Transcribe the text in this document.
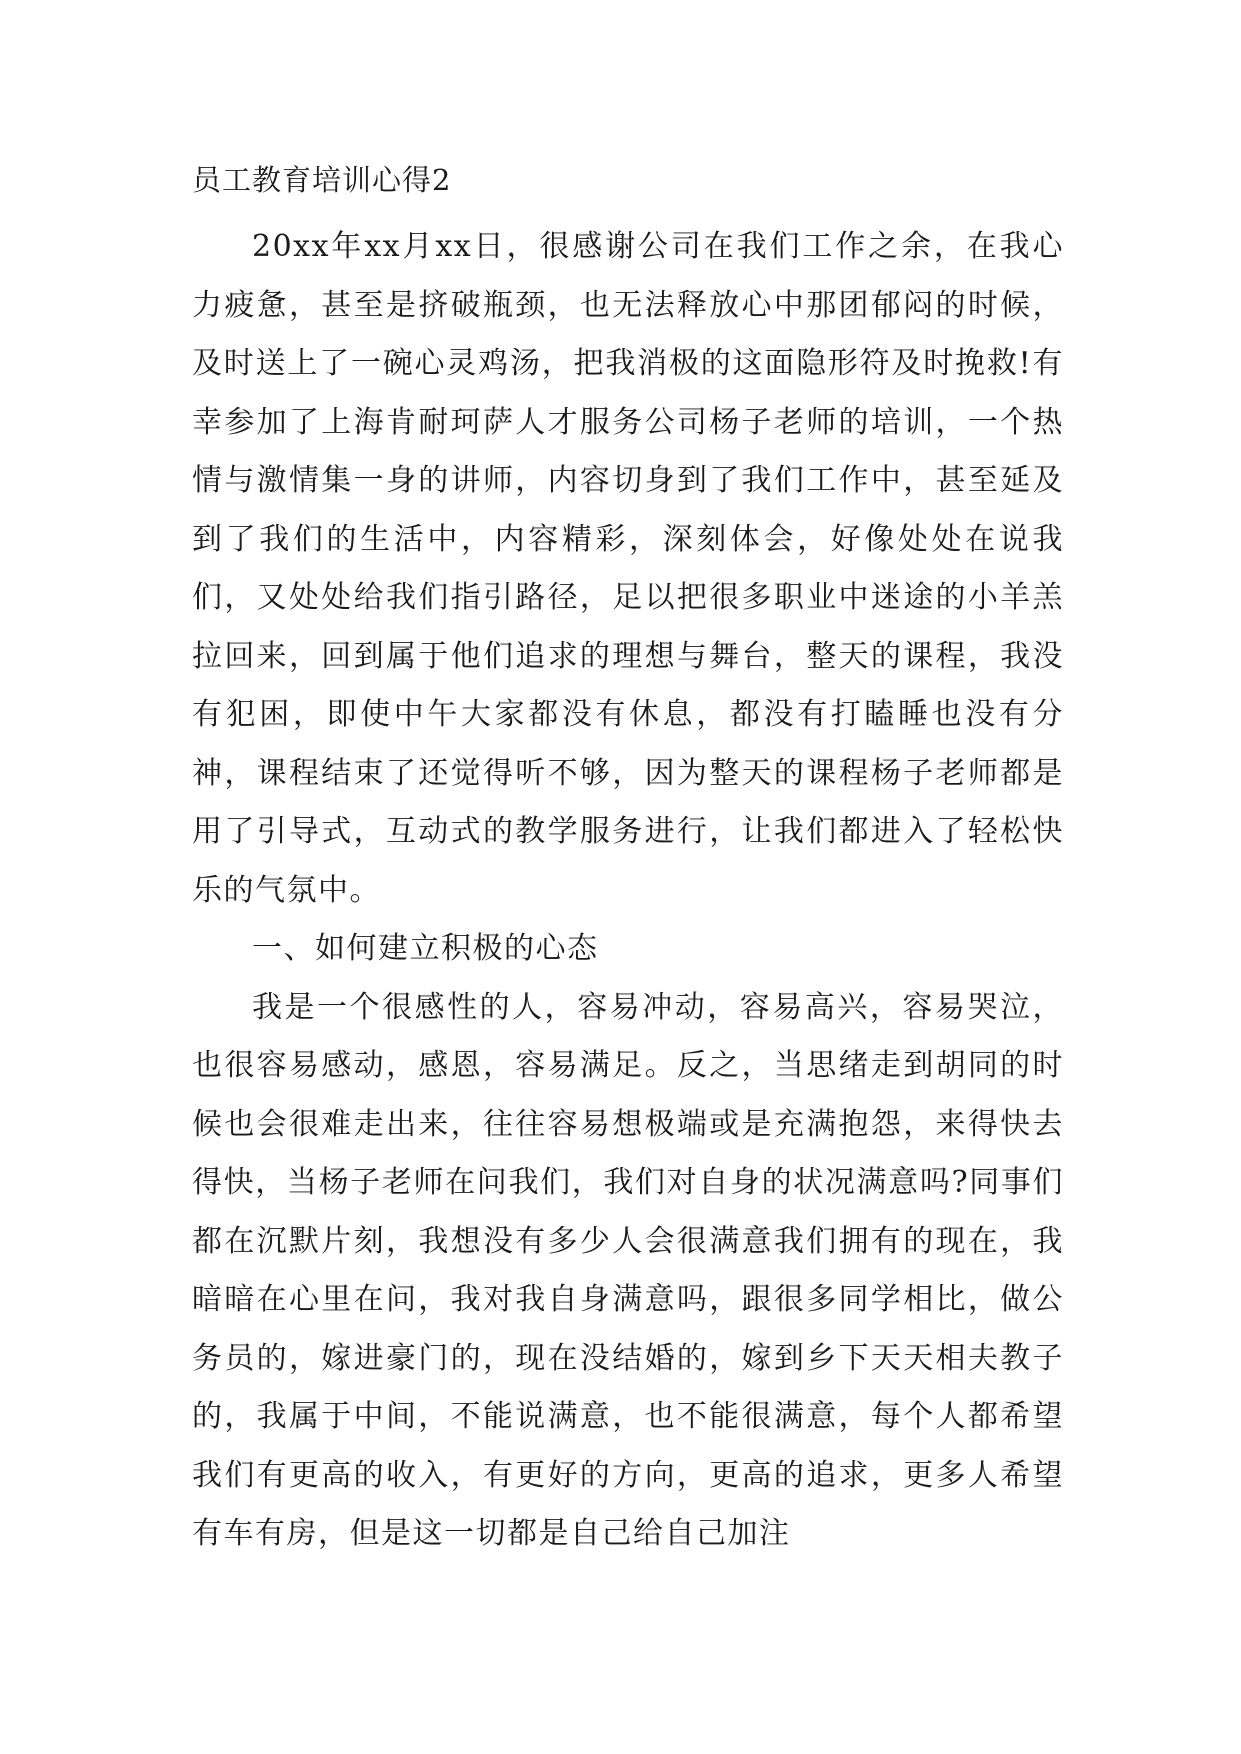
员工教育培训心得2

20xx年xx月xx日，很感谢公司在我们工作之余，在我心力疲惫，甚至是挤破瓶颈，也无法释放心中那团郁闷的时候，及时送上了一碗心灵鸡汤，把我消极的这面隐形符及时挽救!有幸参加了上海肯耐珂萨人才服务公司杨子老师的培训，一个热情与激情集一身的讲师，内容切身到了我们工作中，甚至延及到了我们的生活中，内容精彩，深刻体会，好像处处在说我们，又处处给我们指引路径，足以把很多职业中迷途的小羊羔拉回来，回到属于他们追求的理想与舞台，整天的课程，我没有犯困，即使中午大家都没有休息，都没有打瞌睡也没有分神，课程结束了还觉得听不够，因为整天的课程杨子老师都是用了引导式，互动式的教学服务进行，让我们都进入了轻松快乐的气氛中。

一、如何建立积极的心态

我是一个很感性的人，容易冲动，容易高兴，容易哭泣，也很容易感动，感恩，容易满足。反之，当思绪走到胡同的时候也会很难走出来，往往容易想极端或是充满抱怨，来得快去得快，当杨子老师在问我们，我们对自身的状况满意吗?同事们都在沉默片刻，我想没有多少人会很满意我们拥有的现在，我暗暗在心里在问，我对我自身满意吗，跟很多同学相比，做公务员的，嫁进豪门的，现在没结婚的，嫁到乡下天天相夫教子的，我属于中间，不能说满意，也不能很满意，每个人都希望我们有更高的收入，有更好的方向，更高的追求，更多人希望有车有房，但是这一切都是自己给自己加注
